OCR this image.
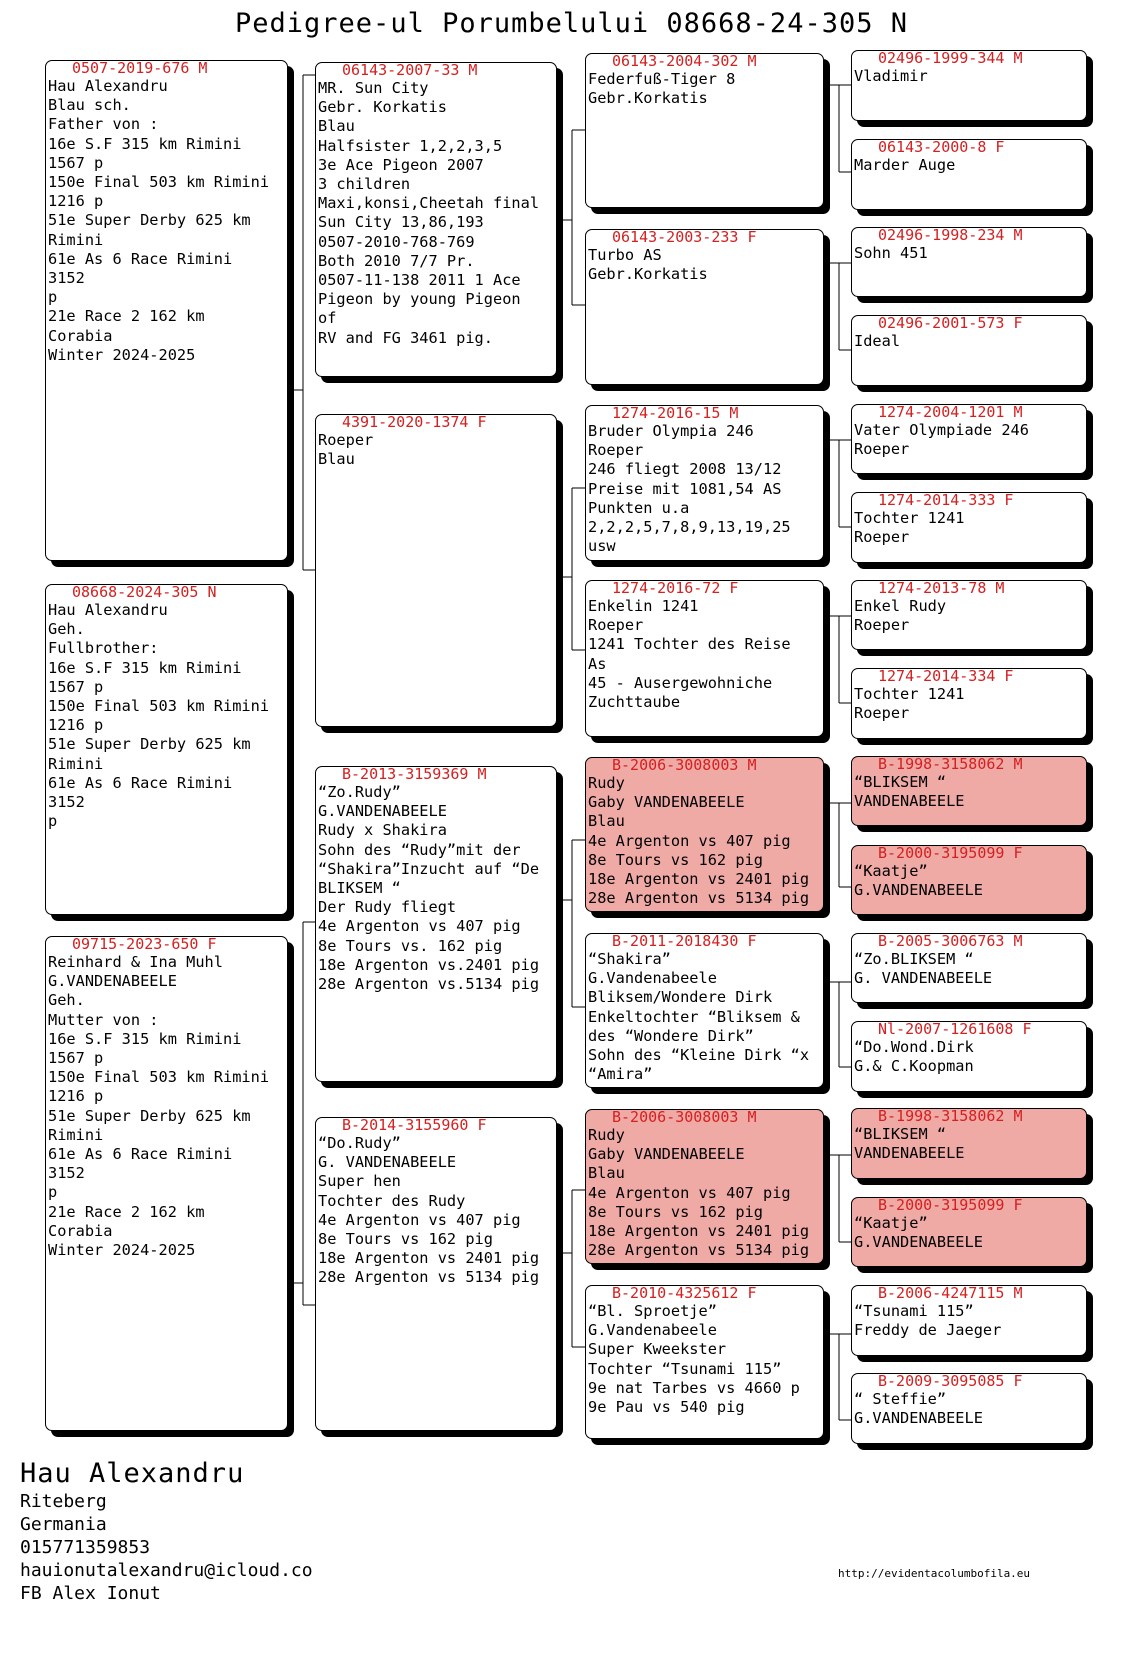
Pedigree-ul Porumbelului 08668-24-305 N
0507-2019-676 M
Hau Alexandru
Blau sch.
Father von :
16e S.F 315 km Rimini
1567 p
150e Final 503 km Rimini
1216 p
51e Super Derby 625 km
Rimini
61e As 6 Race Rimini
3152
p
21e Race 2 162 km
Corabia
Winter 2024-2025
08668-2024-305 N
Hau Alexandru
Geh.
Fullbrother:
16e S.F 315 km Rimini
1567 p
150e Final 503 km Rimini
1216 p
51e Super Derby 625 km
Rimini
61e As 6 Race Rimini
3152
p
09715-2023-650 F
Reinhard & Ina Muhl
G.VANDENABEELE
Geh.
Mutter von :
16e S.F 315 km Rimini
1567 p
150e Final 503 km Rimini
1216 p
51e Super Derby 625 km
Rimini
61e As 6 Race Rimini
3152
p
21e Race 2 162 km
Corabia
Winter 2024-2025
06143-2007-33 M
MR. Sun City
Gebr. Korkatis
Blau
Halfsister 1,2,2,3,5
3e Ace Pigeon 2007
3 children
Maxi,konsi,Cheetah final
Sun City 13,86,193
0507-2010-768-769
Both 2010 7/7 Pr.
0507-11-138 2011 1 Ace
Pigeon by young Pigeon
of
RV and FG 3461 pig.
4391-2020-1374 F
Roeper
Blau
B-2013-3159369 M
“Zo.Rudy”
G.VANDENABEELE
Rudy x Shakira
Sohn des “Rudy”mit der
“Shakira”Inzucht auf “De
BLIKSEM “
Der Rudy fliegt
4e Argenton vs 407 pig
8e Tours vs. 162 pig
18e Argenton vs.2401 pig
28e Argenton vs.5134 pig
B-2014-3155960 F
“Do.Rudy”
G. VANDENABEELE
Super hen
Tochter des Rudy
4e Argenton vs 407 pig
8e Tours vs 162 pig
18e Argenton vs 2401 pig
28e Argenton vs 5134 pig
06143-2004-302 M
Federfuß-Tiger 8
Gebr.Korkatis
06143-2003-233 F
Turbo AS
Gebr.Korkatis
1274-2016-15 M
Bruder Olympia 246
Roeper
246 fliegt 2008 13/12
Preise mit 1081,54 AS
Punkten u.a
2,2,2,5,7,8,9,13,19,25
usw
1274-2016-72 F
Enkelin 1241
Roeper
1241 Tochter des Reise
As
45 - Ausergewohniche
Zuchttaube
B-2006-3008003 M
Rudy
Gaby VANDENABEELE
Blau
4e Argenton vs 407 pig
8e Tours vs 162 pig
18e Argenton vs 2401 pig
28e Argenton vs 5134 pig
B-2011-2018430 F
“Shakira”
G.Vandenabeele
Bliksem/Wondere Dirk
Enkeltochter “Bliksem &
des “Wondere Dirk”
Sohn des “Kleine Dirk “x
“Amira”
B-2006-3008003 M
Rudy
Gaby VANDENABEELE
Blau
4e Argenton vs 407 pig
8e Tours vs 162 pig
18e Argenton vs 2401 pig
28e Argenton vs 5134 pig
B-2010-4325612 F
“Bl. Sproetje”
G.Vandenabeele
Super Kweekster
Tochter “Tsunami 115”
9e nat Tarbes vs 4660 p
9e Pau vs 540 pig
02496-1999-344 M
Vladimir
06143-2000-8 F
Marder Auge
02496-1998-234 M
Sohn 451
02496-2001-573 F
Ideal
1274-2004-1201 M
Vater Olympiade 246
Roeper
1274-2014-333 F
Tochter 1241
Roeper
1274-2013-78 M
Enkel Rudy
Roeper
1274-2014-334 F
Tochter 1241
Roeper
B-1998-3158062 M
“BLIKSEM “
VANDENABEELE
B-2000-3195099 F
“Kaatje”
G.VANDENABEELE
B-2005-3006763 M
“Zo.BLIKSEM “
G. VANDENABEELE
Nl-2007-1261608 F
“Do.Wond.Dirk
G.& C.Koopman
B-1998-3158062 M
“BLIKSEM “
VANDENABEELE
B-2000-3195099 F
“Kaatje”
G.VANDENABEELE
B-2006-4247115 M
“Tsunami 115”
Freddy de Jaeger
B-2009-3095085 F
“ Steffie”
G.VANDENABEELE
Hau Alexandru
Riteberg
Germania
015771359853
hauionutalexandru@icloud.co
FB Alex Ionut
http://evidentacolumbofila.eu
